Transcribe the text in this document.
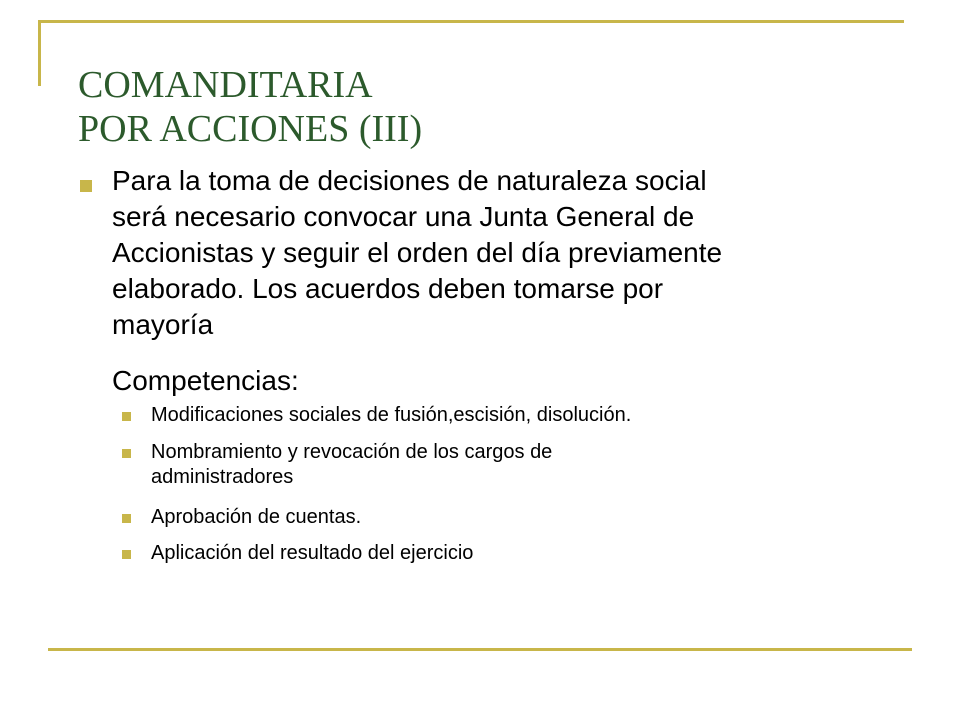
COMANDITARIA
POR ACCIONES (III)
Para la toma de decisiones de naturaleza social
será necesario convocar una Junta General de
Accionistas y seguir el orden del día previamente
elaborado. Los acuerdos deben tomarse por
mayoría
Competencias:
Modificaciones sociales de fusión,escisión, disolución.
Nombramiento y revocación de los cargos de
administradores
Aprobación de cuentas.
Aplicación del resultado del ejercicio
